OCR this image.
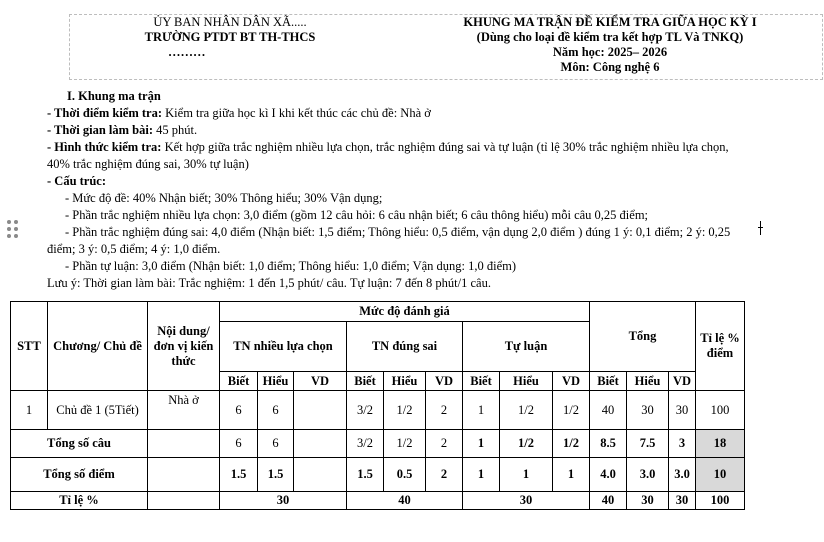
ỦY BAN NHÂN DÂN XÃ.....
TRƯỜNG PTDT BT TH-THCS
………
KHUNG MA TRẬN ĐỀ KIỂM TRA GIỮA HỌC KỲ I
(Dùng cho loại đề kiểm tra kết hợp TL Và TNKQ)
Năm học: 2025– 2026
Môn: Công nghệ 6

I. Khung ma trận

- Thời điểm kiểm tra: Kiểm tra giữa học kì I khi kết thúc các chủ đề: Nhà ở

- Thời gian làm bài: 45 phút.

- Hình thức kiểm tra: Kết hợp giữa trắc nghiệm nhiều lựa chọn, trắc nghiệm đúng sai và tự luận (tỉ lệ 30% trắc nghiệm nhiều lựa chọn,

40% trắc nghiệm đúng sai, 30% tự luận)

- Cấu trúc:

- Mức độ đề: 40% Nhận biết; 30% Thông hiểu; 30% Vận dụng;

- Phần trắc nghiệm nhiều lựa chọn: 3,0 điểm (gồm 12 câu hỏi: 6 câu nhận biết; 6 câu thông hiểu) mỗi câu 0,25 điểm;

- Phần trắc nghiệm đúng sai: 4,0 điểm (Nhận biết: 1,5 điểm; Thông hiểu: 0,5 điểm, vận dụng 2,0 điểm ) đúng 1 ý: 0,1 điểm; 2 ý: 0,25

điểm; 3 ý: 0,5 điểm; 4 ý: 1,0 điểm.

- Phần tự luận: 3,0 điểm (Nhận biết: 1,0 điểm; Thông hiểu: 1,0 điểm; Vận dụng: 1,0 điểm)

Lưu ý: Thời gian làm bài: Trắc nghiệm: 1 đến 1,5 phút/ câu. Tự luận: 7 đến 8 phút/1 câu.

STT	Chương/ Chủ đề	Nội dung/đơn vị kiến thức	Mức độ đánh giá									Tổng			Tỉ lệ % điểm
			TN nhiều lựa chọn			TN đúng sai			Tự luận						
			Biết	Hiểu	VD	Biết	Hiểu	VD	Biết	Hiểu	VD	Biết	Hiểu	VD	
1	Chủ đề 1 (5Tiết)	Nhà ở	6	6		3/2	1/2	2	1	1/2	1/2	40	30	30	100
Tổng số câu			6	6		3/2	1/2	2	1	1/2	1/2	8.5	7.5	3	18
Tổng số điểm			1.5	1.5		1.5	0.5	2	1	1	1	4.0	3.0	3.0	10
Tỉ lệ %			30			40			30			40	30	30	100
